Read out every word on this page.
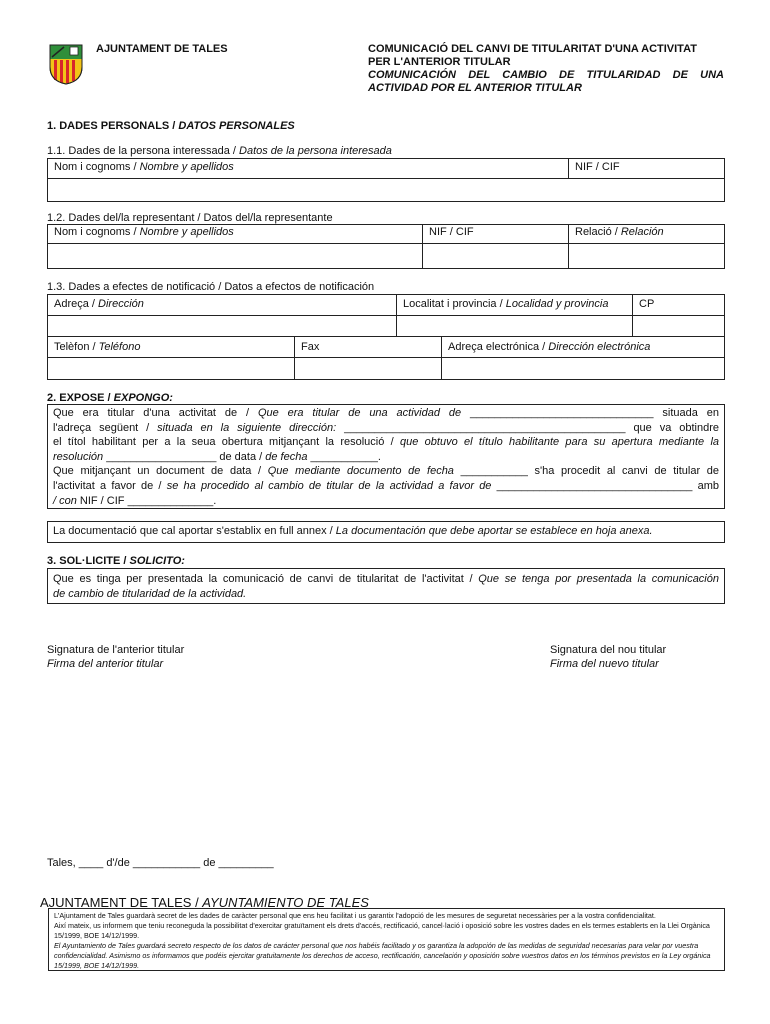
AJUNTAMENT DE TALES	COMUNICACIÓ DEL CANVI DE TITULARITAT D'UNA ACTIVITAT
PER L'ANTERIOR TITULAR
COMUNICACIÓN DEL CAMBIO DE TITULARIDAD DE UNA
ACTIVIDAD POR EL ANTERIOR TITULAR
1. DADES PERSONALS / DATOS PERSONALES
1.1. Dades de la persona interessada / Datos de la persona interesada
Nom i cognoms / Nombre y apellidos	NIF / CIF
1.2. Dades del/la representant / Datos del/la representante
Nom i cognoms / Nombre y apellidos	NIF / CIF	Relació / Relación
1.3. Dades a efectes de notificació / Datos a efectos de notificación
Adreça / Dirección	Localitat i provincia / Localidad y provincia	CP
Telèfon / Teléfono	Fax	Adreça electrónica / Dirección electrónica
2. EXPOSE / EXPONGO:
Que era titular d'una activitat de / Que era titular de una actividad de ______________________________ situada en
l'adreça següent / situada en la siguiente dirección: ______________________________________________ que va obtindre
el títol habilitant per a la seua obertura mitjançant la resolució / que obtuvo el título habilitante para su apertura mediante la
resolución __________________ de data / de fecha ___________.
Que mitjançant un document de data / Que mediante documento de fecha ___________ s'ha procedit al canvi de titular de
l'activitat a favor de / se ha procedido al cambio de titular de la actividad a favor de ________________________________ amb
/ con NIF / CIF ______________.
La documentació que cal aportar s'establix en full annex / La documentación que debe aportar se establece en hoja anexa.
3. SOL·LICITE / SOLICITO:
Que es tinga per presentada la comunicació de canvi de titularitat de l'activitat / Que se tenga por presentada la comunicación
de cambio de titularidad de la actividad.
Signatura de l'anterior titular
Firma del anterior titular
Signatura del nou titular
Firma del nuevo titular
Tales, ____ d'/de ___________ de _________
AJUNTAMENT DE TALES / AYUNTAMIENTO DE TALES
L'Ajuntament de Tales guardarà secret de les dades de caràcter personal que ens heu facilitat i us garantix l'adopció de les mesures de seguretat necessàries per a la vostra confidencialitat.
Així mateix, us informem que teniu reconeguda la possibilitat d'exercitar gratuïtament els drets d'accés, rectificació, cancel·lació i oposició sobre les vostres dades en els termes establerts en la Llei Orgànica 15/1999, BOE 14/12/1999.
El Ayuntamiento de Tales guardará secreto respecto de los datos de carácter personal que nos habéis facilitado y os garantiza la adopción de las medidas de seguridad necesarias para velar por vuestra confidencialidad. Asimismo os informamos que podéis ejercitar gratuitamente los derechos de acceso, rectificación, cancelación y oposición sobre vuestros datos en los términos previstos en la Ley orgánica 15/1999, BOE 14/12/1999.
